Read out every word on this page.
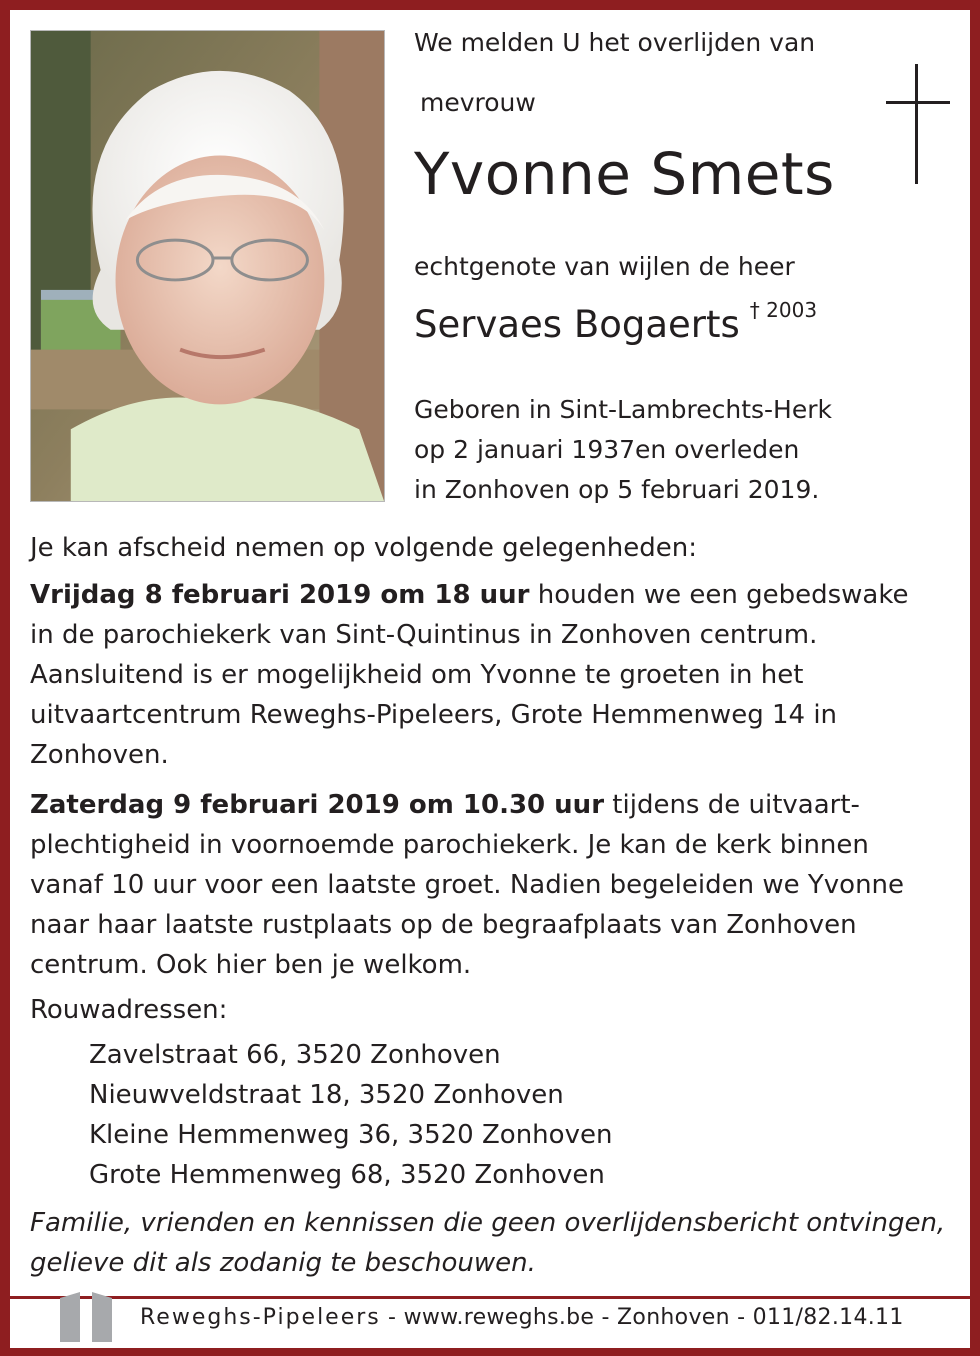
We melden U het overlijden van
mevrouw
Yvonne Smets
echtgenote van wijlen de heer
Servaes Bogaerts $^{\dagger 2003}$
Geboren in Sint-Lambrechts-Herk
op 2 januari 1937en overleden
in Zonhoven op 5 februari 2019.
Je kan afscheid nemen op volgende gelegenheden:
Vrijdag 8 februari 2019 om 18 uur houden we een gebedswake
in de parochiekerk van Sint-Quintinus in Zonhoven centrum.
Aansluitend is er mogelijkheid om Yvonne te groeten in het
uitvaartcentrum Reweghs-Pipeleers, Grote Hemmenweg 14 in
Zonhoven.
Zaterdag 9 februari 2019 om 10.30 uur tijdens de uitvaart-
plechtigheid in voornoemde parochiekerk. Je kan de kerk binnen
vanaf 10 uur voor een laatste groet. Nadien begeleiden we Yvonne
naar haar laatste rustplaats op de begraafplaats van Zonhoven
centrum. Ook hier ben je welkom.
Rouwadressen:
Zavelstraat 66, 3520 Zonhoven
Nieuwveldstraat 18, 3520 Zonhoven
Kleine Hemmenweg 36, 3520 Zonhoven
Grote Hemmenweg 68, 3520 Zonhoven
Familie, vrienden en kennissen die geen overlijdensbericht ontvingen,
gelieve dit als zodanig te beschouwen.
Reweghs-Pipeleers - www.reweghs.be - Zonhoven - 011/82.14.11
